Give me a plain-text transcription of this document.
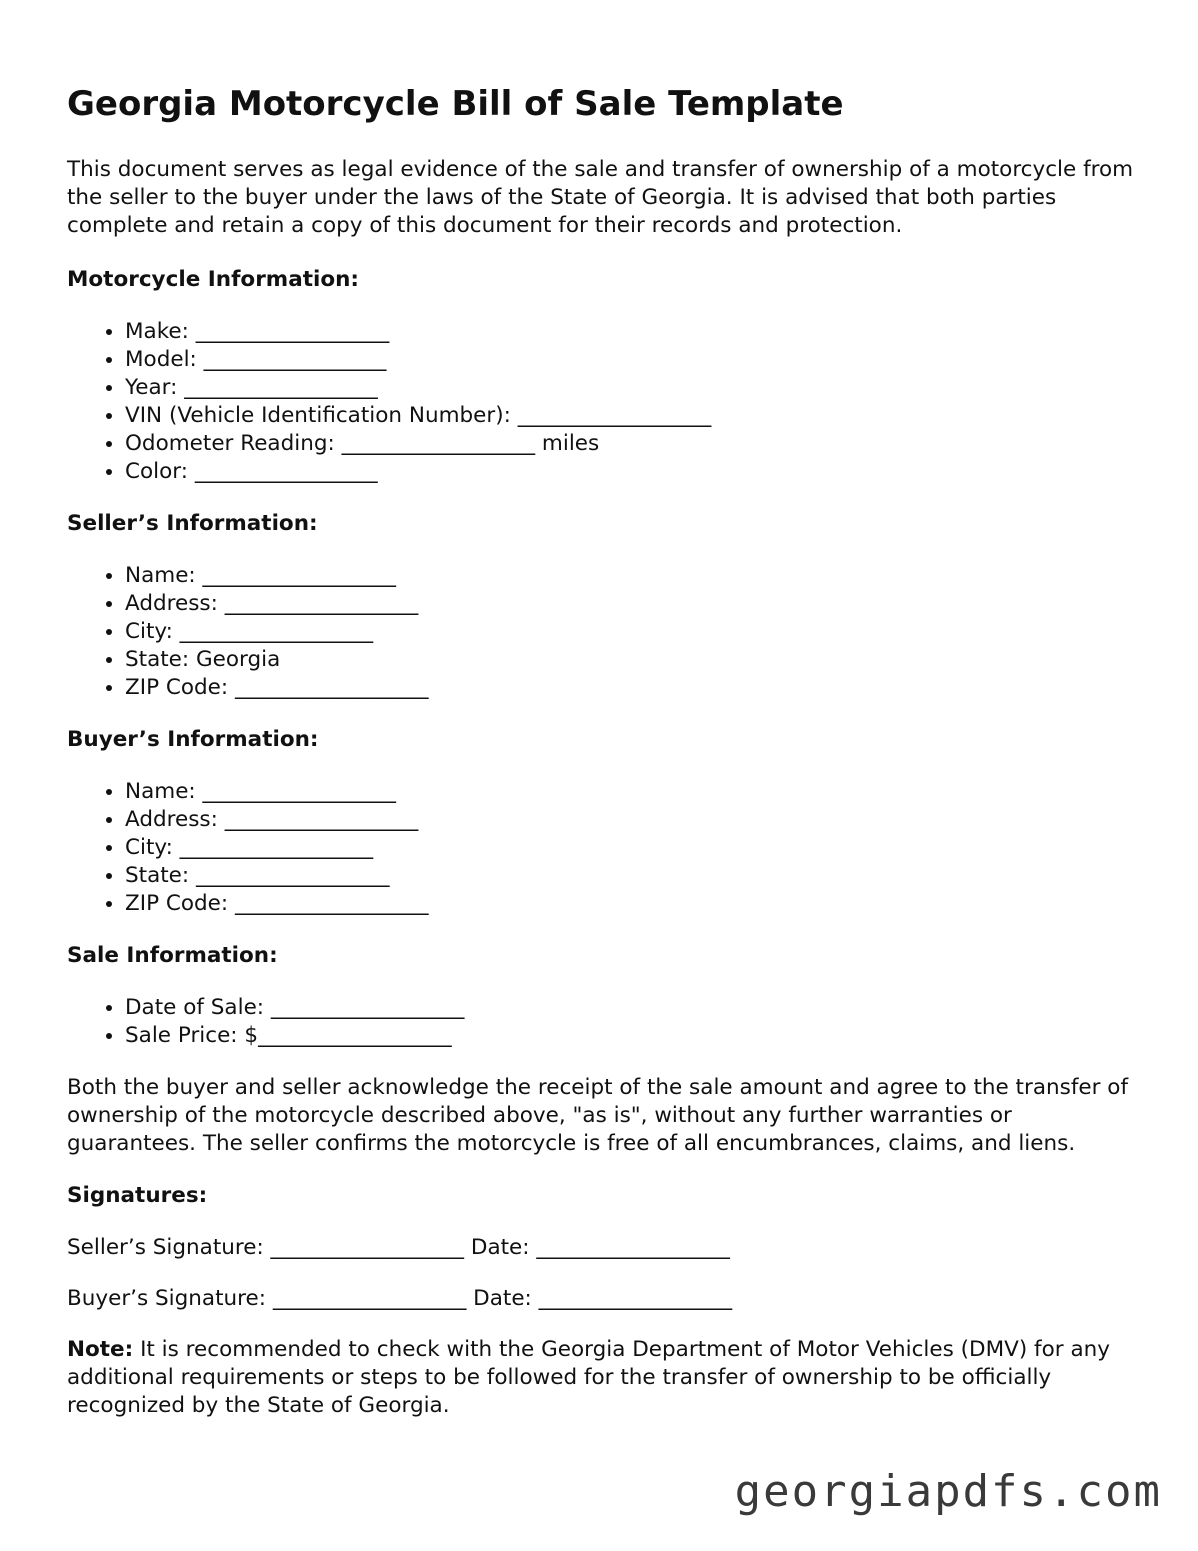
Georgia Motorcycle Bill of Sale Template

This document serves as legal evidence of the sale and transfer of ownership of a motorcycle from the seller to the buyer under the laws of the State of Georgia. It is advised that both parties complete and retain a copy of this document for their records and protection.

Motorcycle Information:
• Make: __________________
• Model: _________________
• Year: __________________
• VIN (Vehicle Identification Number): __________________
• Odometer Reading: __________________ miles
• Color: _________________
Seller’s Information:
• Name: __________________
• Address: __________________
• City: __________________
• State: Georgia
• ZIP Code: __________________
Buyer’s Information:
• Name: __________________
• Address: __________________
• City: __________________
• State: __________________
• ZIP Code: __________________
Sale Information:
• Date of Sale: __________________
• Sale Price: $__________________

Both the buyer and seller acknowledge the receipt of the sale amount and agree to the transfer of ownership of the motorcycle described above, "as is", without any further warranties or guarantees. The seller confirms the motorcycle is free of all encumbrances, claims, and liens.

Signatures:

Seller’s Signature: __________________ Date: __________________

Buyer’s Signature: __________________ Date: __________________

Note: It is recommended to check with the Georgia Department of Motor Vehicles (DMV) for any additional requirements or steps to be followed for the transfer of ownership to be officially recognized by the State of Georgia.

georgiapdfs.com
